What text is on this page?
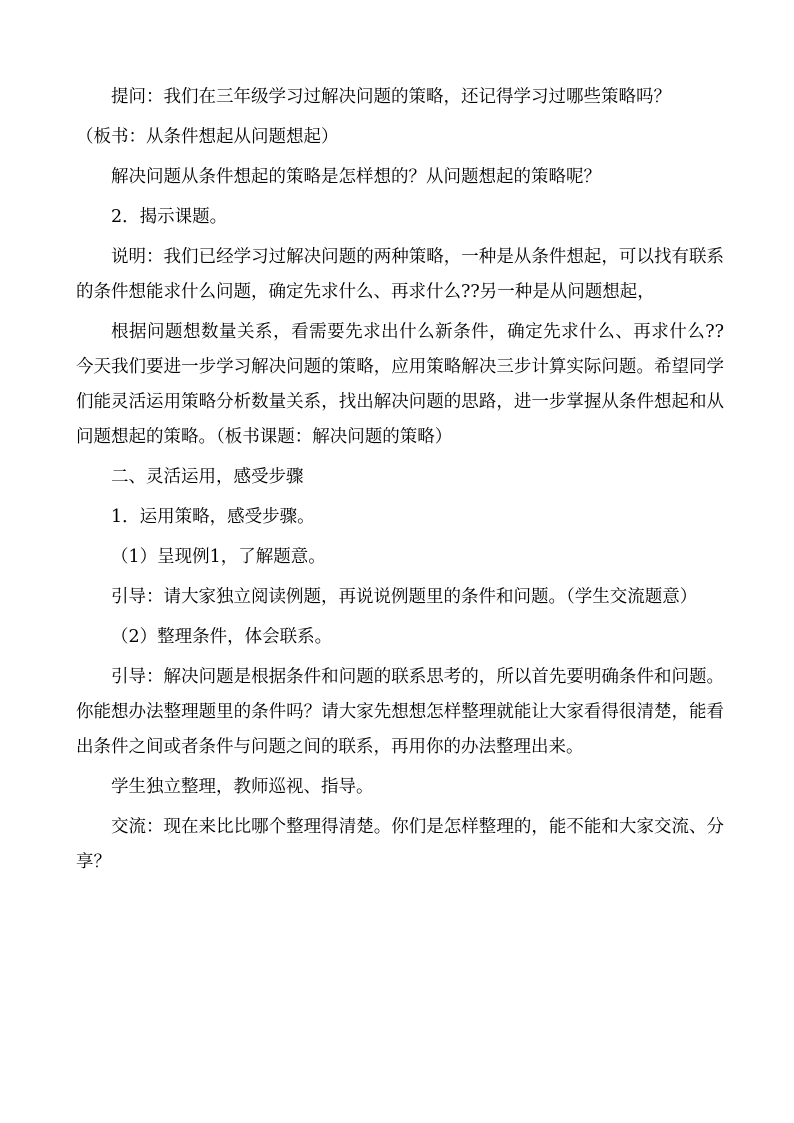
提问：我们在三年级学习过解决问题的策略，还记得学习过哪些策略吗？

（板书：从条件想起从问题想起）

解决问题从条件想起的策略是怎样想的？从问题想起的策略呢？

2．揭示课题。

说明：我们已经学习过解决问题的两种策略，一种是从条件想起，可以找有联系的条件想能求什么问题，确定先求什么、再求什么??另一种是从问题想起，

根据问题想数量关系，看需要先求出什么新条件，确定先求什么、再求什么??今天我们要进一步学习解决问题的策略，应用策略解决三步计算实际问题。希望同学们能灵活运用策略分析数量关系，找出解决问题的思路，进一步掌握从条件想起和从问题想起的策略。（板书课题：解决问题的策略）

二、灵活运用，感受步骤

1．运用策略，感受步骤。

（1）呈现例1，了解题意。

引导：请大家独立阅读例题，再说说例题里的条件和问题。（学生交流题意）

（2）整理条件，体会联系。

引导：解决问题是根据条件和问题的联系思考的，所以首先要明确条件和问题。你能想办法整理题里的条件吗？请大家先想想怎样整理就能让大家看得很清楚，能看出条件之间或者条件与问题之间的联系，再用你的办法整理出来。

学生独立整理，教师巡视、指导。

交流：现在来比比哪个整理得清楚。你们是怎样整理的，能不能和大家交流、分享？
